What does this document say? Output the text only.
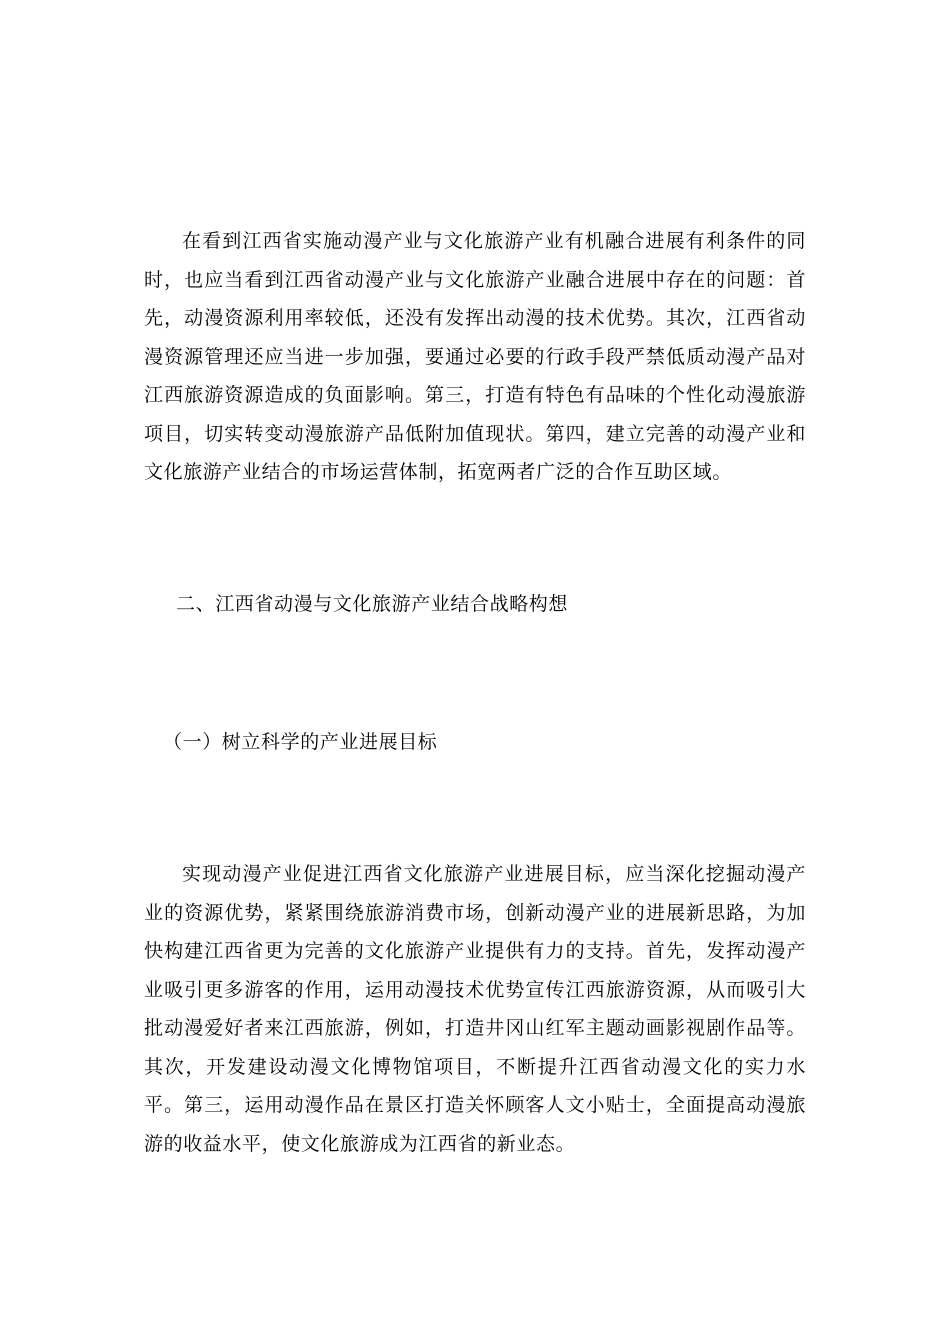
在看到江西省实施动漫产业与文化旅游产业有机融合进展有利条件的同时，也应当看到江西省动漫产业与文化旅游产业融合进展中存在的问题：首先，动漫资源利用率较低，还没有发挥出动漫的技术优势。其次，江西省动漫资源管理还应当进一步加强，要通过必要的行政手段严禁低质动漫产品对江西旅游资源造成的负面影响。第三，打造有特色有品味的个性化动漫旅游项目，切实转变动漫旅游产品低附加值现状。第四，建立完善的动漫产业和文化旅游产业结合的市场运营体制，拓宽两者广泛的合作互助区域。

二、江西省动漫与文化旅游产业结合战略构想
（一）树立科学的产业进展目标

实现动漫产业促进江西省文化旅游产业进展目标，应当深化挖掘动漫产业的资源优势，紧紧围绕旅游消费市场，创新动漫产业的进展新思路，为加快构建江西省更为完善的文化旅游产业提供有力的支持。首先，发挥动漫产业吸引更多游客的作用，运用动漫技术优势宣传江西旅游资源，从而吸引大批动漫爱好者来江西旅游，例如，打造井冈山红军主题动画影视剧作品等。其次，开发建设动漫文化博物馆项目，不断提升江西省动漫文化的实力水平。第三，运用动漫作品在景区打造关怀顾客人文小贴士，全面提高动漫旅游的收益水平，使文化旅游成为江西省的新业态。
